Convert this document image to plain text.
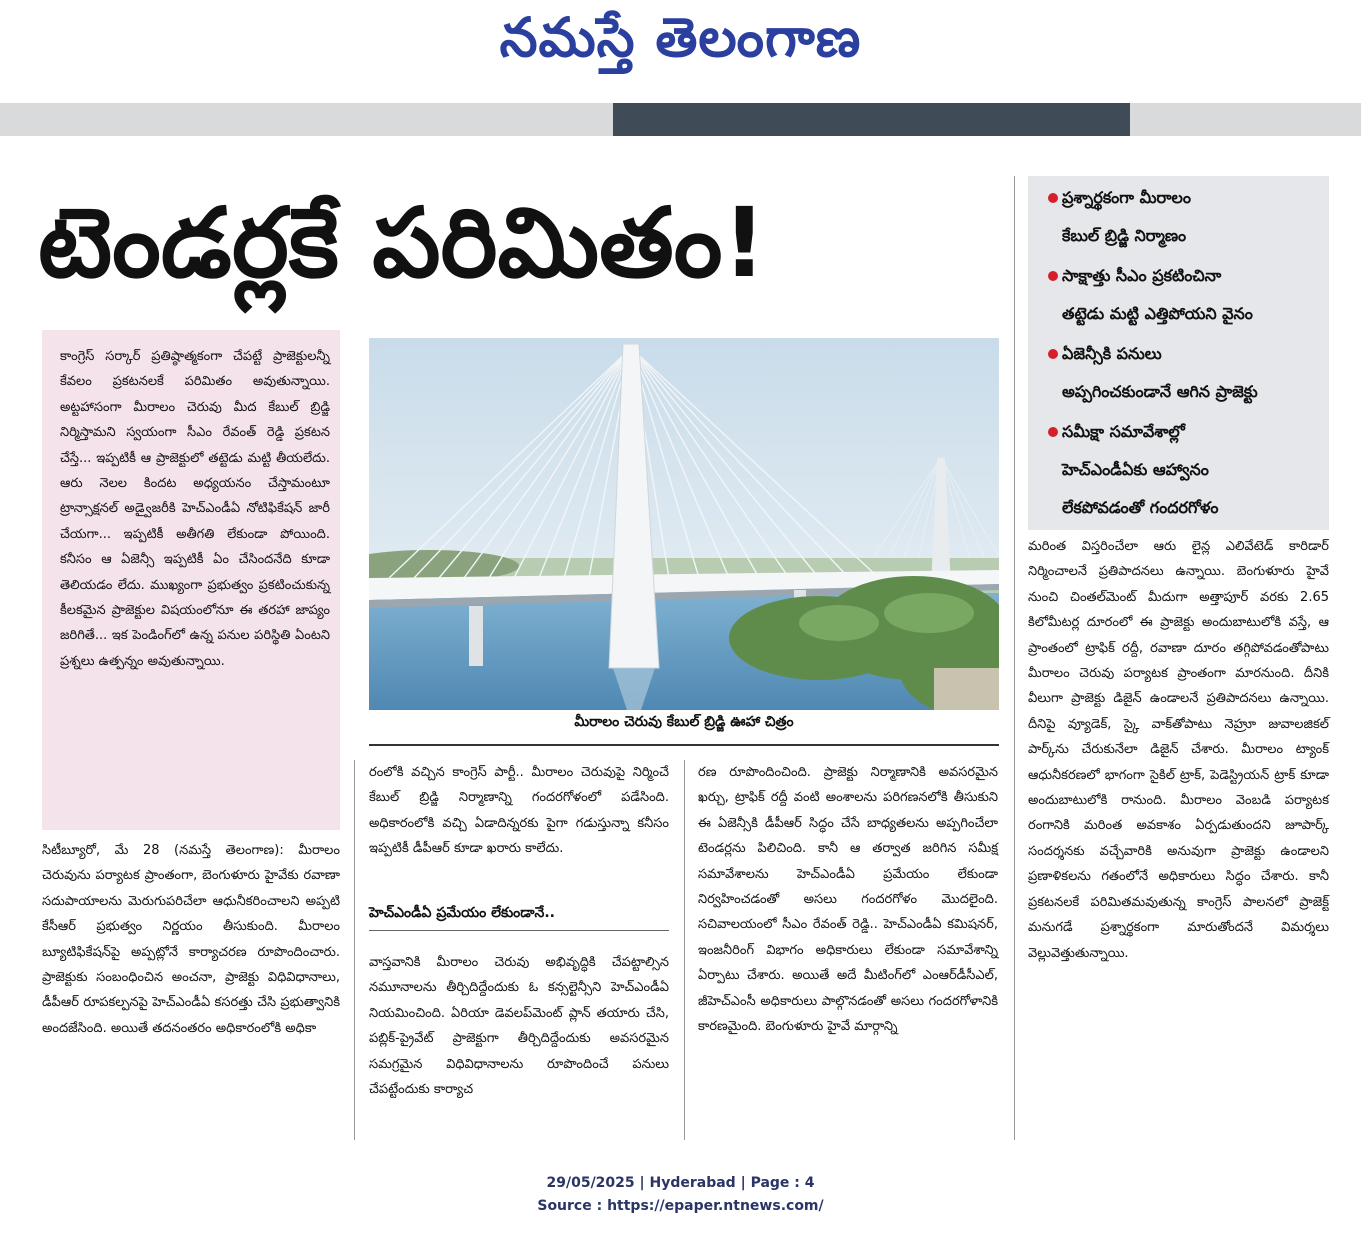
నమస్తే తెలంగాణ
టెండర్లకే పరిమితం!	ప్రశ్నార్థకంగా మీరాలం
కేబుల్ బ్రిడ్జి నిర్మాణం
సాక్షాత్తు సీఎం ప్రకటించినా
తట్టెడు మట్టి ఎత్తిపోయని వైనం
ఏజెన్సీకి పనులు
అప్పగించకుండానే ఆగిన ప్రాజెక్టు
సమీక్షా సమావేశాల్లో
హెచ్ఎండీఏకు ఆహ్వానం
లేకపోవడంతో గందరగోళం
కాంగ్రెస్ సర్కార్ ప్రతిష్ఠాత్మకంగా చేపట్టే ప్రాజెక్టులన్నీ కేవలం ప్రకటనలకే పరిమితం అవుతున్నాయి. అట్టహాసంగా మీరాలం చెరువు మీద కేబుల్ బ్రిడ్జి నిర్మిస్తామని స్వయంగా సీఎం రేవంత్ రెడ్డి ప్రకటన చేస్తే... ఇప్పటికీ ఆ ప్రాజెక్టులో తట్టెడు మట్టి తీయలేదు. ఆరు నెలల కిందట అధ్యయనం చేస్తామంటూ ట్రాన్సాక్షనల్ అడ్వైజరీకి హెచ్ఎండీఏ నోటిఫికేషన్ జారీ చేయగా... ఇప్పటికీ అతీగతి లేకుండా పోయింది. కనీసం ఆ ఏజెన్సీ ఇప్పటికీ ఏం చేసిందనేది కూడా తెలియడం లేదు. ముఖ్యంగా ప్రభుత్వం ప్రకటించుకున్న కీలకమైన ప్రాజెక్టుల విషయంలోనూ ఈ తరహా జాప్యం జరిగితే... ఇక పెండింగ్‌లో ఉన్న పనుల పరిస్థితి ఏంటని ప్రశ్నలు ఉత్పన్నం అవుతున్నాయి.
మీరాలం చెరువు కేబుల్ బ్రిడ్జి ఊహా చిత్రం
సిటీబ్యూరో, మే 28 (నమస్తే తెలంగాణ): మీరాలం చెరువును పర్యాటక ప్రాంతంగా, బెంగుళూరు హైవేకు రవాణా సదుపాయాలను మెరుగుపరిచేలా ఆధునీకరించాలని అప్పటి కేసీఆర్ ప్రభుత్వం నిర్ణయం తీసుకుంది. మీరాలం బ్యూటిఫికేషన్‌పై అప్పట్లోనే కార్యాచరణ రూపొందించారు. ప్రాజెక్టుకు సంబంధించిన అంచనా, ప్రాజెక్టు విధివిధానాలు, డీపీఆర్ రూపకల్పనపై హెచ్ఎండీఏ కసరత్తు చేసి ప్రభుత్వానికి అందజేసింది. అయితే తదనంతరం అధికారంలోకి అధికా
రంలోకి వచ్చిన కాంగ్రెస్ పార్టీ.. మీరాలం చెరువుపై నిర్మించే కేబుల్ బ్రిడ్జి నిర్మాణాన్ని గందరగోళంలో పడేసింది. అధికారంలోకి వచ్చి ఏడాదిన్నరకు పైగా గడుస్తున్నా కనీసం ఇప్పటికీ డీపీఆర్ కూడా ఖరారు కాలేదు.
హెచ్ఎండీఏ ప్రమేయం లేకుండానే..
వాస్తవానికి మీరాలం చెరువు అభివృద్ధికి చేపట్టాల్సిన నమూనాలను తీర్చిదిద్దేందుకు ఓ కన్సల్టెన్సీని హెచ్ఎండీఏ నియమించింది. ఏరియా డెవలప్‌మెంట్ ప్లాన్ తయారు చేసి, పబ్లిక్-ప్రైవేట్ ప్రాజెక్టుగా తీర్చిదిద్దేందుకు అవసరమైన సమగ్రమైన విధివిధానాలను రూపొందించే పనులు చేపట్టేందుకు కార్యాచ
రణ రూపొందించింది. ప్రాజెక్టు నిర్మాణానికి అవసరమైన ఖర్చు, ట్రాఫిక్ రద్దీ వంటి అంశాలను పరిగణనలోకి తీసుకుని ఈ ఏజెన్సీకి డీపీఆర్ సిద్ధం చేసే బాధ్యతలను అప్పగించేలా టెండర్లను పిలిచింది. కానీ ఆ తర్వాత జరిగిన సమీక్ష సమావేశాలను హెచ్ఎండీఏ ప్రమేయం లేకుండా నిర్వహించడంతో అసలు గందరగోళం మొదలైంది. సచివాలయంలో సీఎం రేవంత్ రెడ్డి.. హెచ్ఎండీఏ కమిషనర్, ఇంజనీరింగ్ విభాగం అధికారులు లేకుండా సమావేశాన్ని ఏర్పాటు చేశారు. అయితే అదే మీటింగ్‌లో ఎంఆర్‌డీసీఎల్, జీహెచ్ఎంసీ అధికారులు పాల్గొనడంతో అసలు గందరగోళానికి కారణమైంది. బెంగుళూరు హైవే మార్గాన్ని
మరింత విస్తరించేలా ఆరు లైన్ల ఎలివేటెడ్ కారిడార్ నిర్మించాలనే ప్రతిపాదనలు ఉన్నాయి. బెంగుళూరు హైవే నుంచి చింతల్‌మెంట్ మీదుగా అత్తాపూర్ వరకు 2.65 కిలోమీటర్ల దూరంలో ఈ ప్రాజెక్టు అందుబాటులోకి వస్తే, ఆ ప్రాంతంలో ట్రాఫిక్ రద్దీ, రవాణా దూరం తగ్గిపోవడంతోపాటు మీరాలం చెరువు పర్యాటక ప్రాంతంగా మారనుంది. దీనికి వీలుగా ప్రాజెక్టు డిజైన్ ఉండాలనే ప్రతిపాదనలు ఉన్నాయి. దీనిపై వ్యూడెక్, స్కై వాక్‌తోపాటు నెహ్రూ జువాలజికల్ పార్క్‌ను చేరుకునేలా డిజైన్ చేశారు. మీరాలం ట్యాంక్ ఆధునీకరణలో భాగంగా సైకిల్ ట్రాక్, పెడెస్ట్రియన్ ట్రాక్ కూడా అందుబాటులోకి రానుంది. మీరాలం వెంబడి పర్యాటక రంగానికి మరింత అవకాశం ఏర్పడుతుందని జూపార్క్ సందర్శనకు వచ్చేవారికి అనువుగా ప్రాజెక్టు ఉండాలని ప్రణాళికలను గతంలోనే అధికారులు సిద్ధం చేశారు. కానీ ప్రకటనలకే పరిమితమవుతున్న కాంగ్రెస్ పాలనలో ప్రాజెక్ట్ మనుగడే ప్రశ్నార్థకంగా మారుతోందనే విమర్శలు వెల్లువెత్తుతున్నాయి.
29/05/2025 | Hyderabad | Page : 4
Source : https://epaper.ntnews.com/
